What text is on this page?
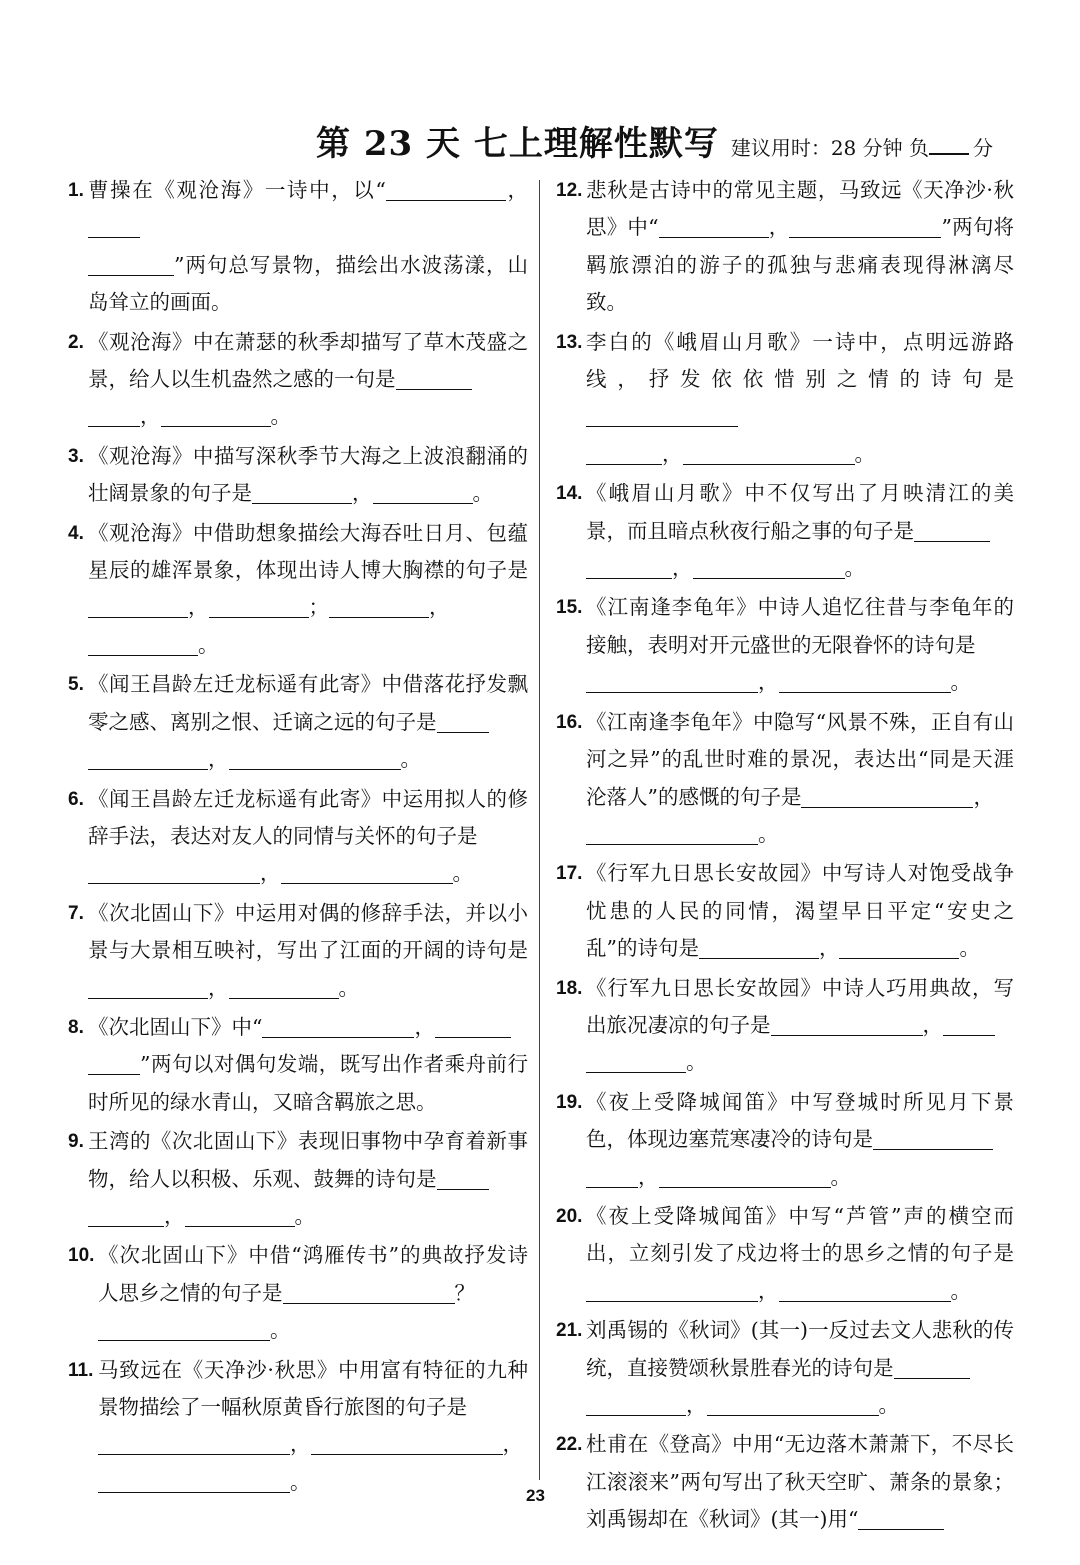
第 23 天 七上理解性默写 建议用时：28 分钟 负 分
1. 曹操在《观沧海》一诗中，以“	，
”两句总写景物，描绘出水波荡漾，山岛耸立的画面。
2. 《观沧海》中在萧瑟的秋季却描写了草木茂盛之景，给人以生机盎然之感的一句是
，	。
3. 《观沧海》中描写深秋季节大海之上波浪翻涌的壮阔景象的句子是	，	。
4. 《观沧海》中借助想象描绘大海吞吐日月、包蕴星辰的雄浑景象，体现出诗人博大胸襟的句子是，	；	，
。
5. 《闻王昌龄左迁龙标遥有此寄》中借落花抒发飘零之感、离别之恨、迁谪之远的句子是
，	。
6. 《闻王昌龄左迁龙标遥有此寄》中运用拟人的修辞手法，表达对友人的同情与关怀的句子是
，	。
7. 《次北固山下》中运用对偶的修辞手法，并以小景与大景相互映衬，写出了江面的开阔的诗句是，	。
8. 《次北固山下》中“	，
”两句以对偶句发端，既写出作者乘舟前行时所见的绿水青山，又暗含羁旅之思。
9. 王湾的《次北固山下》表现旧事物中孕育着新事物，给人以积极、乐观、鼓舞的诗句是
，	。
10. 《次北固山下》中借“鸿雁传书”的典故抒发诗人思乡之情的句子是	？
。
11. 马致远在《天净沙·秋思》中用富有特征的九种景物描绘了一幅秋原黄昏行旅图的句子是
，	，
。
12. 悲秋是古诗中的常见主题，马致远《天净沙·秋思》中“	，	”两句将羁旅漂泊的游子的孤独与悲痛表现得淋漓尽致。
13. 李白的《峨眉山月歌》一诗中，点明远游路线，抒发依依惜别之情的诗句是
，	。
14. 《峨眉山月歌》中不仅写出了月映清江的美景，而且暗点秋夜行船之事的句子是
，	。
15. 《江南逢李龟年》中诗人追忆往昔与李龟年的接触，表明对开元盛世的无限眷怀的诗句是
，	。
16. 《江南逢李龟年》中隐写“风景不殊，正自有山河之异”的乱世时难的景况，表达出“同是天涯沦落人”的感慨的句子是	，
。
17. 《行军九日思长安故园》中写诗人对饱受战争忧患的人民的同情，渴望早日平定“安史之乱”的诗句是	，	。
18. 《行军九日思长安故园》中诗人巧用典故，写出旅况凄凉的句子是	，
。
19. 《夜上受降城闻笛》中写登城时所见月下景色，体现边塞荒寒凄冷的诗句是
，	。
20. 《夜上受降城闻笛》中写“芦管”声的横空而出，立刻引发了戍边将士的思乡之情的句子是，	。
21. 刘禹锡的《秋词》(其一)一反过去文人悲秋的传统，直接赞颂秋景胜春光的诗句是
，	。
22. 杜甫在《登高》中用“无边落木萧萧下，不尽长江滚滚来”两句写出了秋天空旷、萧条的景象；刘禹锡却在《秋词》(其一)用“
23
